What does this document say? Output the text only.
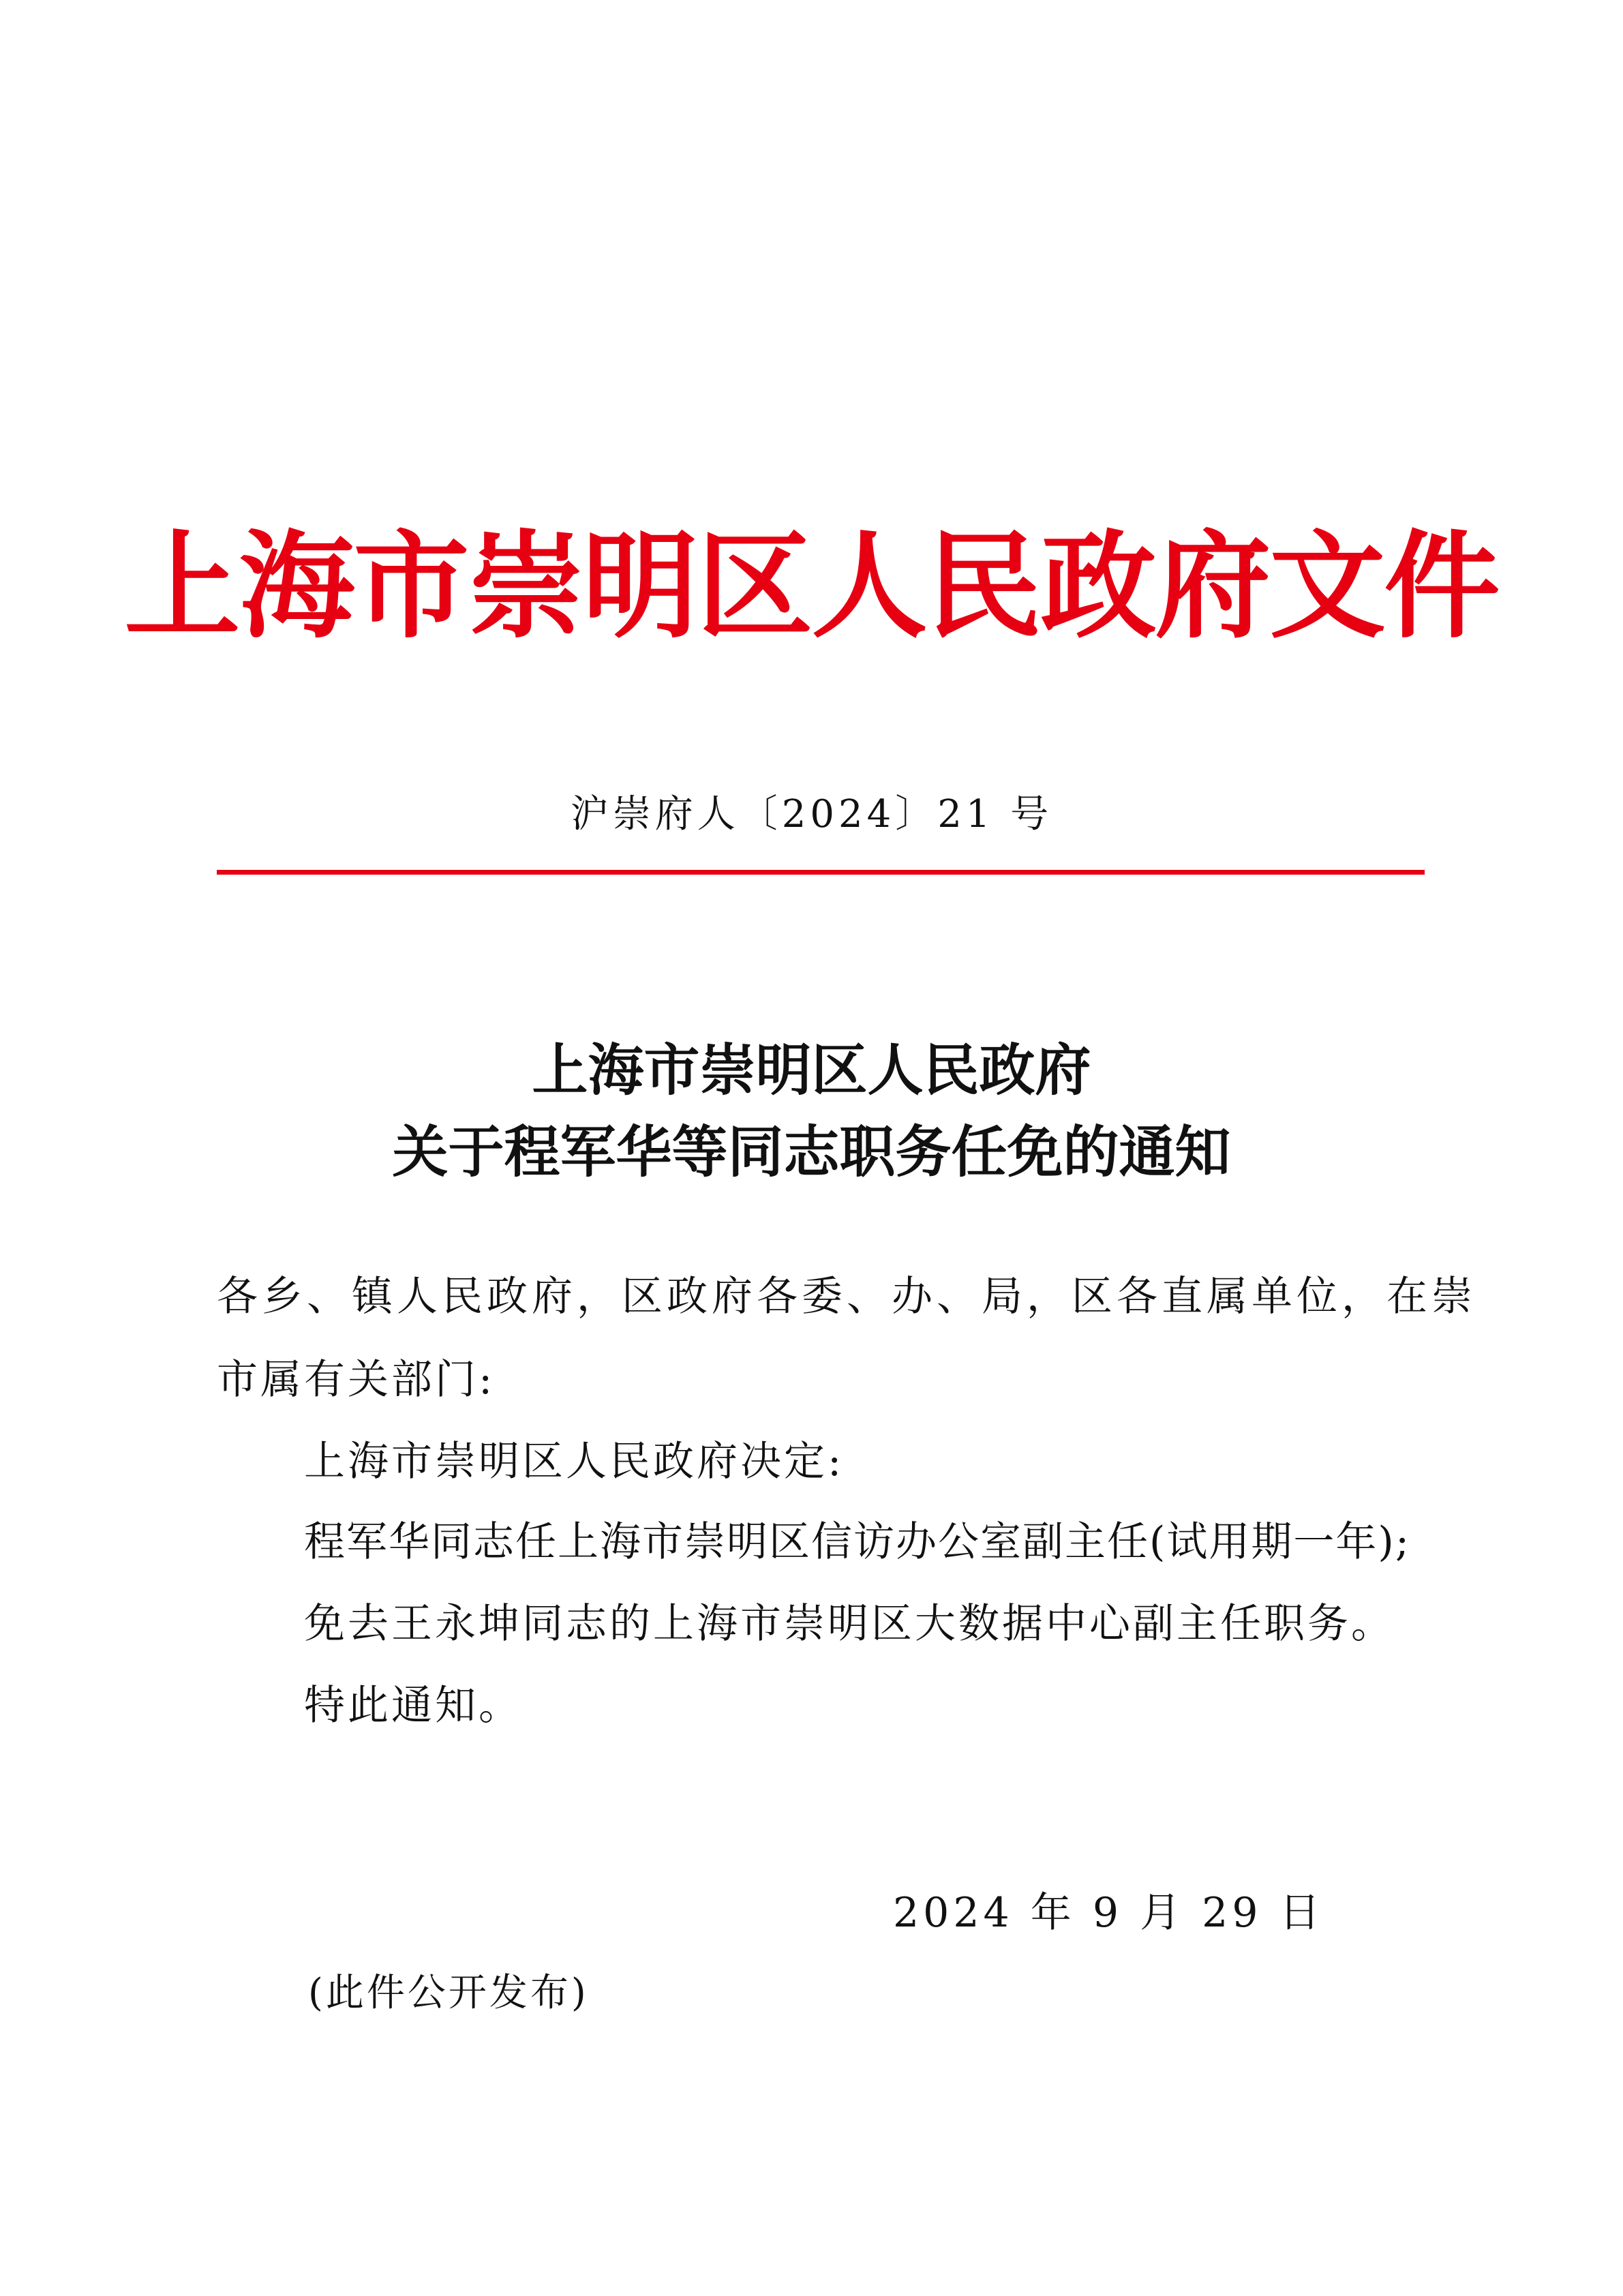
上海市崇明区人民政府文件
沪崇府人〔2024〕21 号
上海市崇明区人民政府
关于程军华等同志职务任免的通知
各乡、镇人民政府，区政府各委、办、局，区各直属单位，在崇
市属有关部门:
上海市崇明区人民政府决定:
程军华同志任上海市崇明区信访办公室副主任(试用期一年);
免去王永坤同志的上海市崇明区大数据中心副主任职务。
特此通知。
2024 年 9 月 29 日
(此件公开发布)
